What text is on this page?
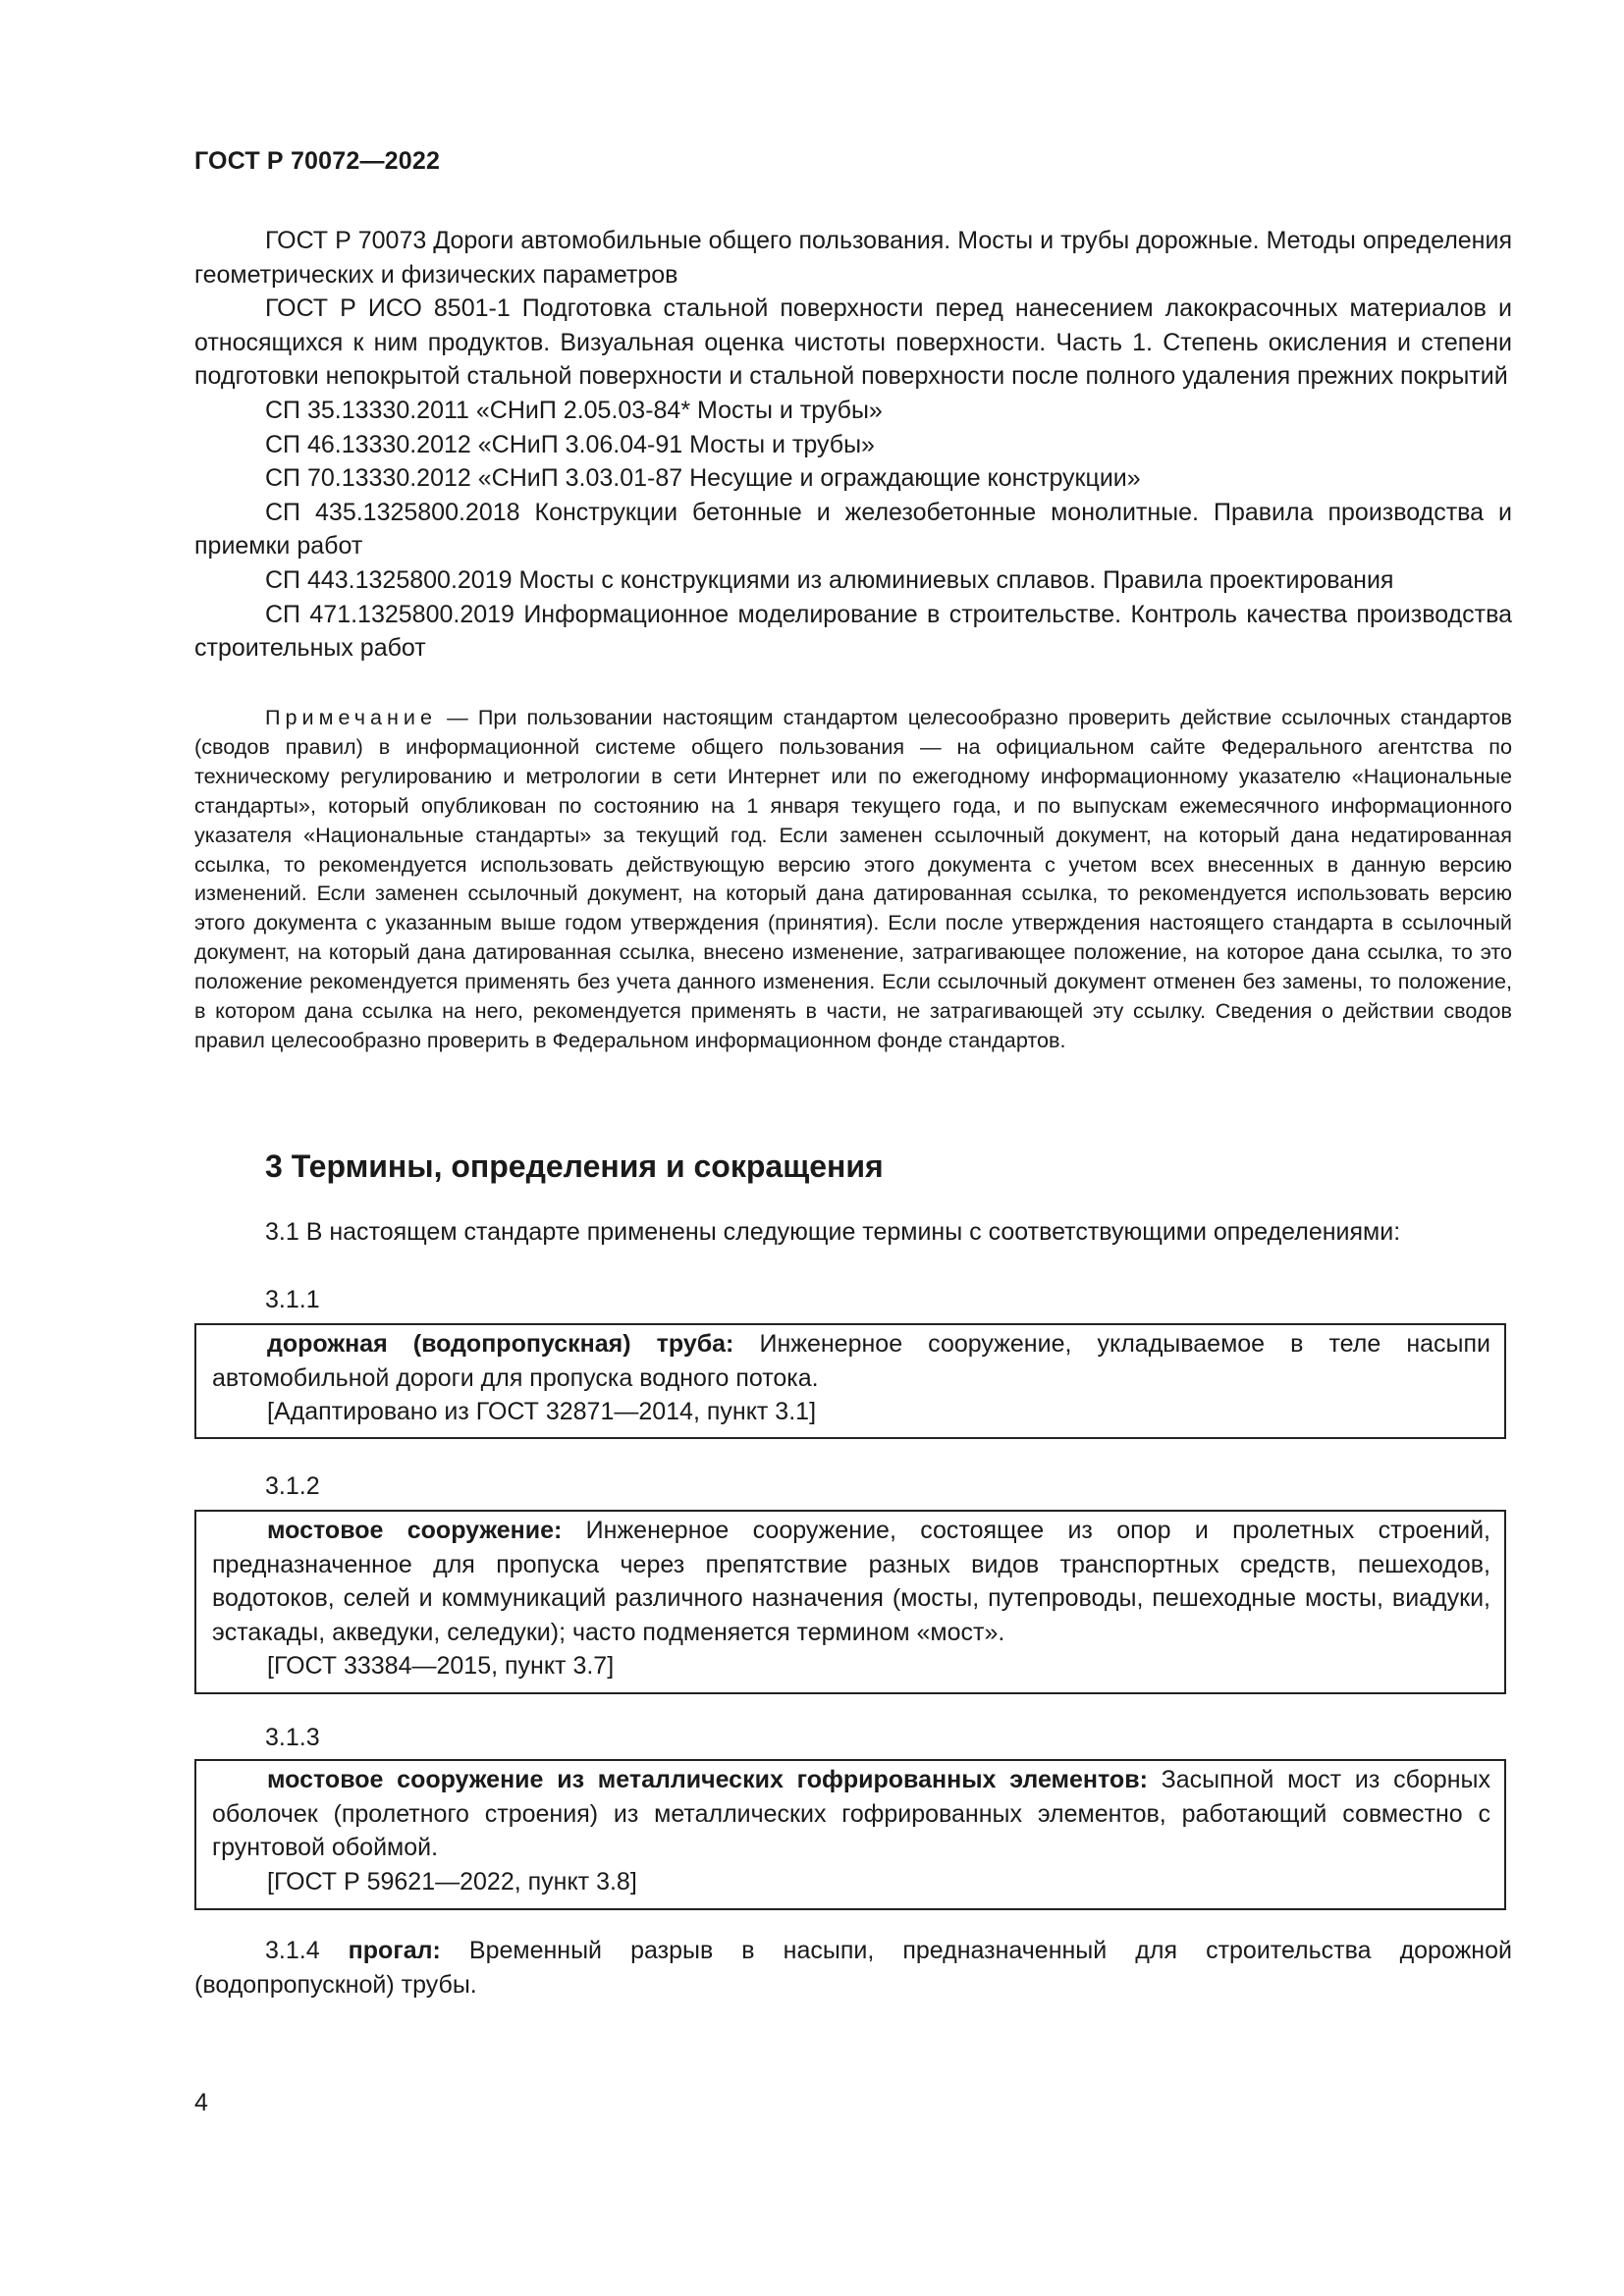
ГОСТ Р 70072—2022

ГОСТ Р 70073 Дороги автомобильные общего пользования. Мосты и трубы дорожные. Методы определения геометрических и физических параметров

ГОСТ Р ИСО 8501-1 Подготовка стальной поверхности перед нанесением лакокрасочных материалов и относящихся к ним продуктов. Визуальная оценка чистоты поверхности. Часть 1. Степень окисления и степени подготовки непокрытой стальной поверхности и стальной поверхности после полного удаления прежних покрытий

СП 35.13330.2011 «СНиП 2.05.03-84* Мосты и трубы»

СП 46.13330.2012 «СНиП 3.06.04-91 Мосты и трубы»

СП 70.13330.2012 «СНиП 3.03.01-87 Несущие и ограждающие конструкции»

СП 435.1325800.2018 Конструкции бетонные и железобетонные монолитные. Правила производства и приемки работ

СП 443.1325800.2019 Мосты с конструкциями из алюминиевых сплавов. Правила проектирования

СП 471.1325800.2019 Информационное моделирование в строительстве. Контроль качества производства строительных работ

Примечание — При пользовании настоящим стандартом целесообразно проверить действие ссылочных стандартов (сводов правил) в информационной системе общего пользования — на официальном сайте Федерального агентства по техническому регулированию и метрологии в сети Интернет или по ежегодному информационному указателю «Национальные стандарты», который опубликован по состоянию на 1 января текущего года, и по выпускам ежемесячного информационного указателя «Национальные стандарты» за текущий год. Если заменен ссылочный документ, на который дана недатированная ссылка, то рекомендуется использовать действующую версию этого документа с учетом всех внесенных в данную версию изменений. Если заменен ссылочный документ, на который дана датированная ссылка, то рекомендуется использовать версию этого документа с указанным выше годом утверждения (принятия). Если после утверждения настоящего стандарта в ссылочный документ, на который дана датированная ссылка, внесено изменение, затрагивающее положение, на которое дана ссылка, то это положение рекомендуется применять без учета данного изменения. Если ссылочный документ отменен без замены, то положение, в котором дана ссылка на него, рекомендуется применять в части, не затрагивающей эту ссылку. Сведения о действии сводов правил целесообразно проверить в Федеральном информационном фонде стандартов.

3 Термины, определения и сокращения

3.1 В настоящем стандарте применены следующие термины с соответствующими определениями:

3.1.1

дорожная (водопропускная) труба: Инженерное сооружение, укладываемое в теле насыпи автомобильной дороги для пропуска водного потока.

[Адаптировано из ГОСТ 32871—2014, пункт 3.1]

3.1.2

мостовое сооружение: Инженерное сооружение, состоящее из опор и пролетных строений, предназначенное для пропуска через препятствие разных видов транспортных средств, пешеходов, водотоков, селей и коммуникаций различного назначения (мосты, путепроводы, пешеходные мосты, виадуки, эстакады, акведуки, селедуки); часто подменяется термином «мост».

[ГОСТ 33384—2015, пункт 3.7]

3.1.3

мостовое сооружение из металлических гофрированных элементов: Засыпной мост из сборных оболочек (пролетного строения) из металлических гофрированных элементов, работающий совместно с грунтовой обоймой.

[ГОСТ Р 59621—2022, пункт 3.8]

3.1.4 прогал: Временный разрыв в насыпи, предназначенный для строительства дорожной (водопропускной) трубы.

4
